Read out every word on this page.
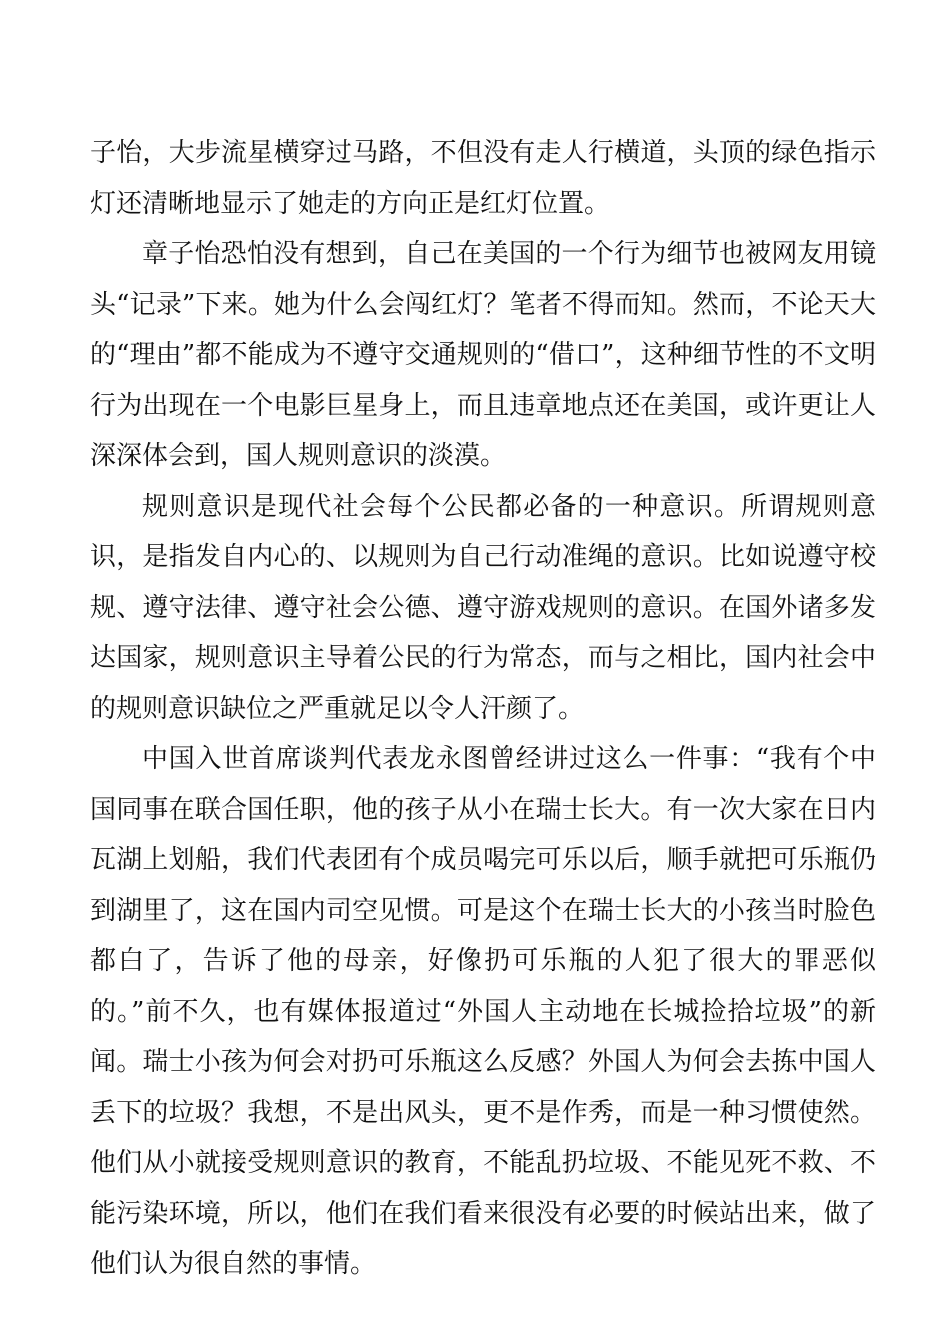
子怡，大步流星横穿过马路，不但没有走人行横道，头顶的绿色指示灯还清晰地显示了她走的方向正是红灯位置。

章子怡恐怕没有想到，自己在美国的一个行为细节也被网友用镜头“记录”下来。她为什么会闯红灯？笔者不得而知。然而，不论天大的“理由”都不能成为不遵守交通规则的“借口”，这种细节性的不文明行为出现在一个电影巨星身上，而且违章地点还在美国，或许更让人深深体会到，国人规则意识的淡漠。

规则意识是现代社会每个公民都必备的一种意识。所谓规则意识，是指发自内心的、以规则为自己行动准绳的意识。比如说遵守校规、遵守法律、遵守社会公德、遵守游戏规则的意识。在国外诸多发达国家，规则意识主导着公民的行为常态，而与之相比，国内社会中的规则意识缺位之严重就足以令人汗颜了。

中国入世首席谈判代表龙永图曾经讲过这么一件事：“我有个中国同事在联合国任职，他的孩子从小在瑞士长大。有一次大家在日内瓦湖上划船，我们代表团有个成员喝完可乐以后，顺手就把可乐瓶仍到湖里了，这在国内司空见惯。可是这个在瑞士长大的小孩当时脸色都白了，告诉了他的母亲，好像扔可乐瓶的人犯了很大的罪恶似的。”前不久，也有媒体报道过“外国人主动地在长城捡拾垃圾”的新闻。瑞士小孩为何会对扔可乐瓶这么反感？外国人为何会去拣中国人丢下的垃圾？我想，不是出风头，更不是作秀，而是一种习惯使然。他们从小就接受规则意识的教育，不能乱扔垃圾、不能见死不救、不能污染环境，所以，他们在我们看来很没有必要的时候站出来，做了他们认为很自然的事情。
